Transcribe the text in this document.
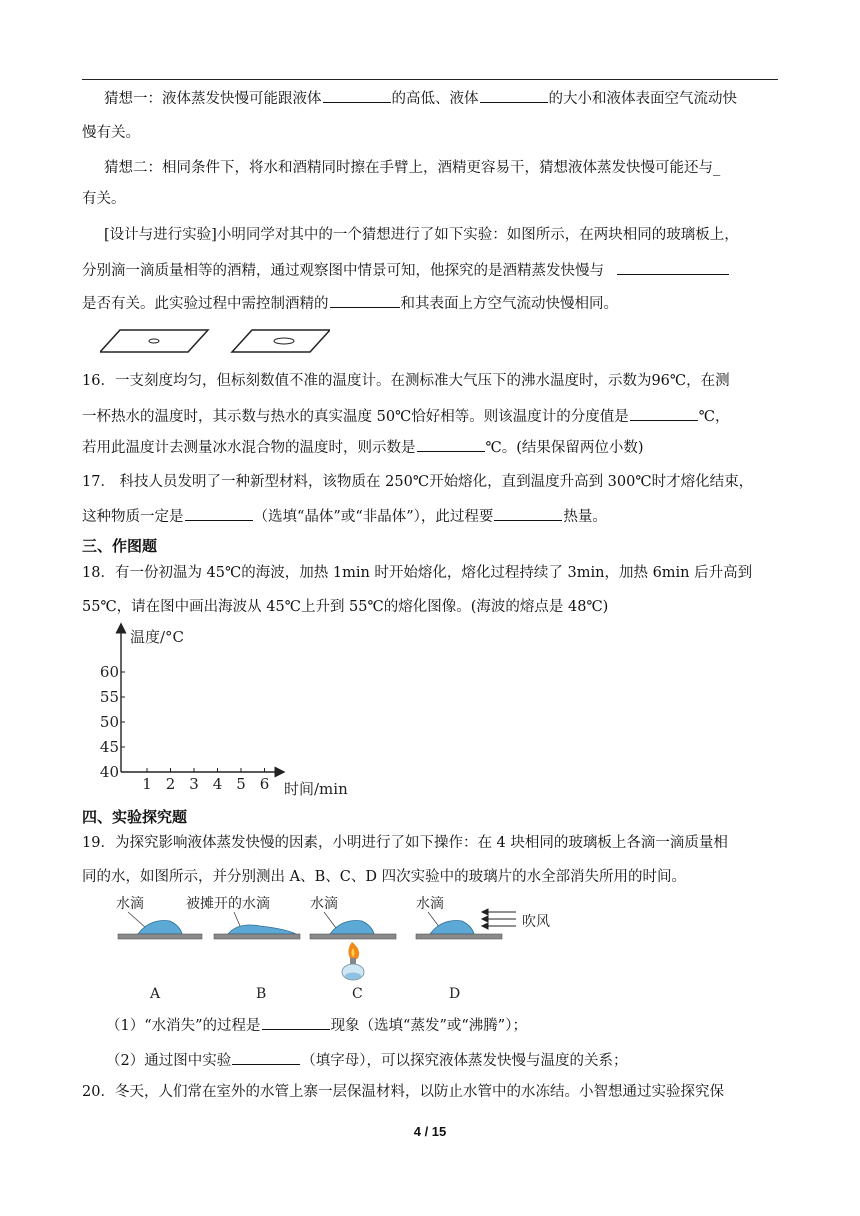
猜想一：液体蒸发快慢可能跟液体	的高低、液体	的大小和液体表面空气流动快
慢有关。
猜想二：相同条件下，将水和酒精同时擦在手臂上，酒精更容易干，猜想液体蒸发快慢可能还与_
有关。
[设计与进行实验]小明同学对其中的一个猜想进行了如下实验：如图所示，在两块相同的玻璃板上，
分别滴一滴质量相等的酒精，通过观察图中情景可知，他探究的是酒精蒸发快慢与
是否有关。此实验过程中需控制酒精的	和其表面上方空气流动快慢相同。
16．一支刻度均匀，但标刻数值不准的温度计。在测标准大气压下的沸水温度时，示数为96℃，在测
一杯热水的温度时，其示数与热水的真实温度 50℃恰好相等。则该温度计的分度值是	℃，
若用此温度计去测量冰水混合物的温度时，则示数是	℃。(结果保留两位小数)
17． 科技人员发明了一种新型材料，该物质在 250℃开始熔化，直到温度升高到 300℃时才熔化结束，
这种物质一定是	（选填“晶体”或“非晶体”），此过程要	热量。
三、作图题
18．有一份初温为 45℃的海波，加热 1min 时开始熔化，熔化过程持续了 3min，加热 6min 后升高到
55℃，请在图中画出海波从 45℃上升到 55℃的熔化图像。(海波的熔点是 48℃)
温度/°C
时间/min
1 2 3 4 5 6
40
45
50
55
60
四、实验探究题
19．为探究影响液体蒸发快慢的因素，小明进行了如下操作：在 4 块相同的玻璃板上各滴一滴质量相
同的水，如图所示，并分别测出 A、B、C、D 四次实验中的玻璃片的水全部消失所用的时间。
水滴	被摊开的水滴	水滴	水滴
吹风
A	B	C	D
（1）“水消失”的过程是	现象（选填“蒸发”或“沸腾”）；
（2）通过图中实验	（填字母），可以探究液体蒸发快慢与温度的关系；
20．冬天，人们常在室外的水管上寨一层保温材料，以防止水管中的水冻结。小智想通过实验探究保
4 / 15
